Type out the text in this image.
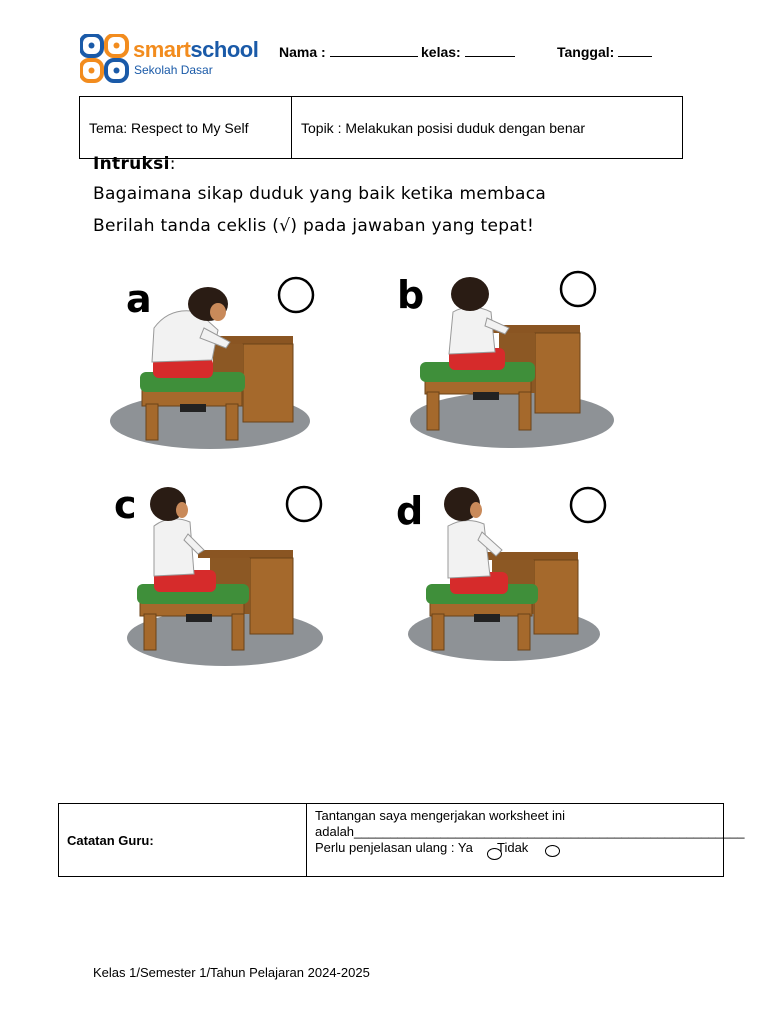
smartschool
Sekolah Dasar
Nama :	kelas:	Tanggal:
Tema: Respect to My Self	Topik : Melakukan posisi duduk dengan benar
Intruksi:
Bagaimana sikap duduk yang baik ketika membaca
Berilah tanda ceklis (√) pada jawaban yang tepat!
a	b
c	d
Catatan Guru:
Tantangan saya mengerjakan worksheet ini
adalah______________________________________________________
Perlu penjelasan ulang : Ya Tidak
Kelas 1/Semester 1/Tahun Pelajaran 2024-2025
